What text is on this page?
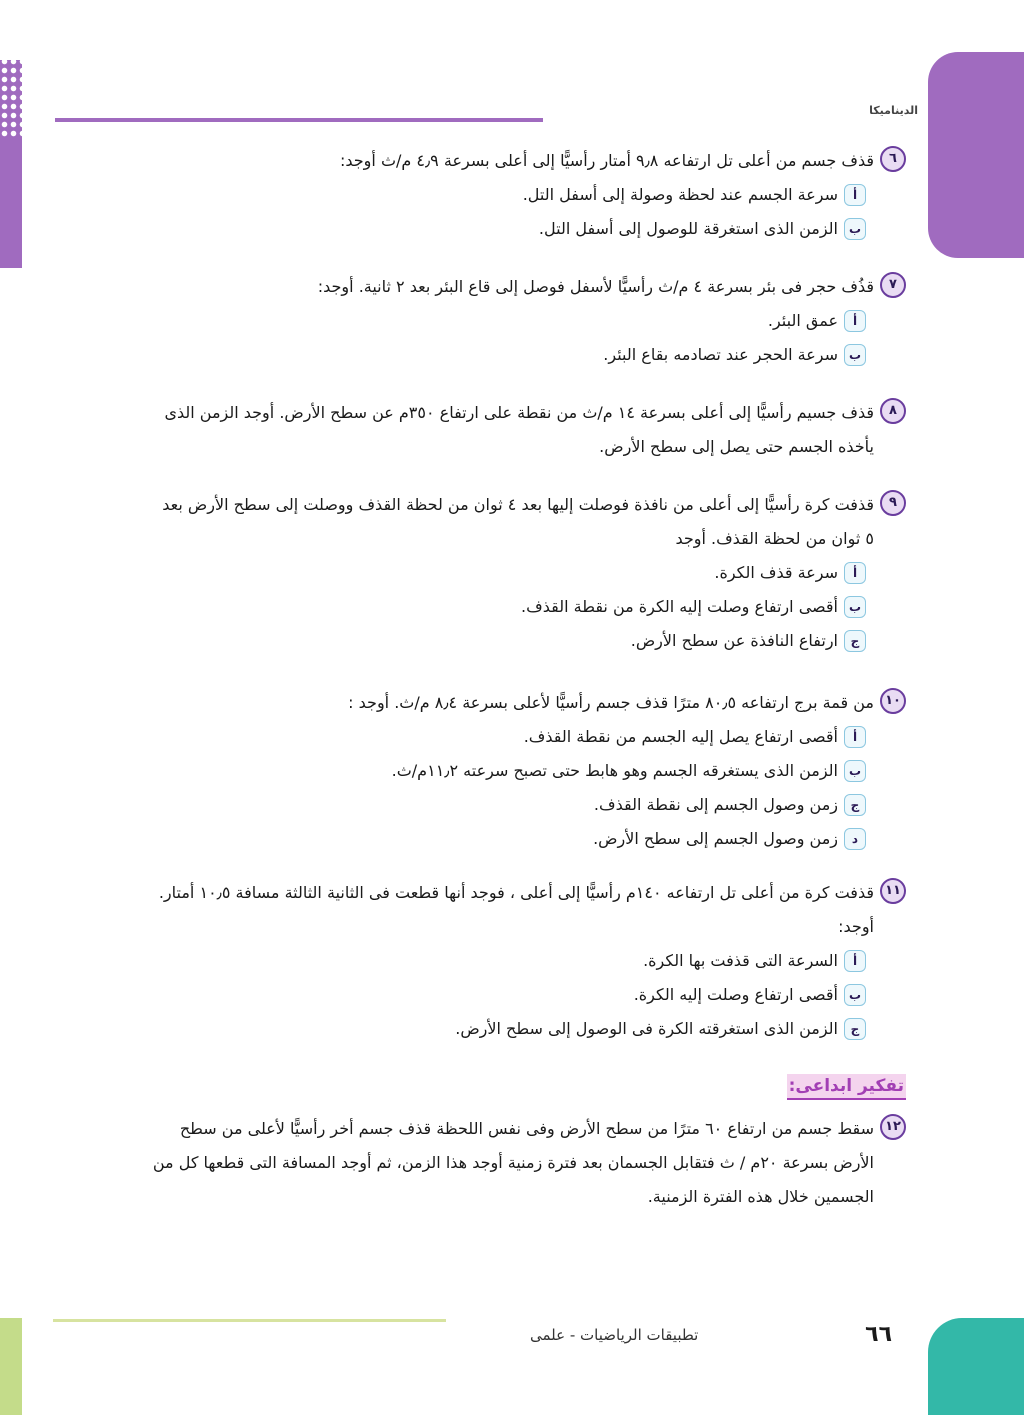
الديناميكا
٦
قذف جسم من أعلى تل ارتفاعه ٩٫٨ أمتار رأسيًّا إلى أعلى بسرعة ٤٫٩ م/ث أوجد:
أ
سرعة الجسم عند لحظة وصولة إلى أسفل التل.
ب
الزمن الذى استغرقة للوصول إلى أسفل التل.
٧
قذُف حجر فى بئر بسرعة ٤ م/ث رأسيًّا لأسفل فوصل إلى قاع البئر بعد ٢ ثانية. أوجد:
أ
عمق البئر.
ب
سرعة الحجر عند تصادمه بقاع البئر.
٨
قذف جسيم رأسيًّا إلى أعلى بسرعة ١٤ م/ث من نقطة على ارتفاع ٣٥٠م عن سطح الأرض. أوجد الزمن الذى
يأخذه الجسم حتى يصل إلى سطح الأرض.
٩
قذفت كرة رأسيًّا إلى أعلى من نافذة فوصلت إليها بعد ٤ ثوان من لحظة القذف ووصلت إلى سطح الأرض بعد
٥ ثوان من لحظة القذف. أوجد
أ
سرعة قذف الكرة.
ب
أقصى ارتفاع وصلت إليه الكرة من نقطة القذف.
ج
ارتفاع النافذة عن سطح الأرض.
١٠
من قمة برج ارتفاعه ٨٠٫٥ مترًا قذف جسم رأسيًّا لأعلى بسرعة ٨٫٤ م/ث. أوجد :
أ
أقصى ارتفاع يصل إليه الجسم من نقطة القذف.
ب
الزمن الذى يستغرقه الجسم وهو هابط حتى تصبح سرعته ١١٫٢م/ث.
ج
زمن وصول الجسم إلى نقطة القذف.
د
زمن وصول الجسم إلى سطح الأرض.
١١
قذفت كرة من أعلى تل ارتفاعه ١٤٠م رأسيًّا إلى أعلى ، فوجد أنها قطعت فى الثانية الثالثة مسافة ١٠٫٥ أمتار.
أوجد:
أ
السرعة التى قذفت بها الكرة.
ب
أقصى ارتفاع وصلت إليه الكرة.
ج
الزمن الذى استغرقته الكرة فى الوصول إلى سطح الأرض.
تفكير ابداعى:
١٢
سقط جسم من ارتفاع ٦٠ مترًا من سطح الأرض وفى نفس اللحظة قذف جسم أخر رأسيًّا لأعلى من سطح
الأرض بسرعة ٢٠م / ث فتقابل الجسمان بعد فترة زمنية أوجد هذا الزمن، ثم أوجد المسافة التى قطعها كل من
الجسمين خلال هذه الفترة الزمنية.
٦٦
تطبيقات الرياضيات - علمى
